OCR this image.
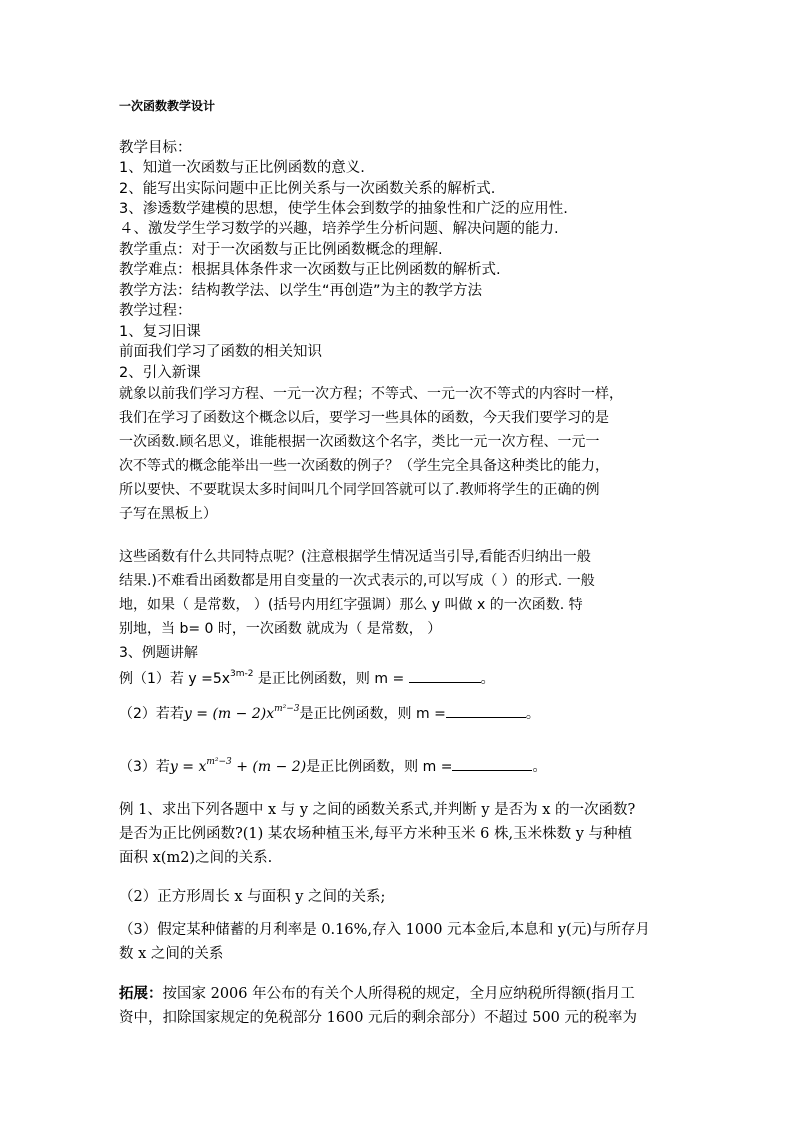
一次函数教学设计
教学目标：
1、知道一次函数与正比例函数的意义.
2、能写出实际问题中正比例关系与一次函数关系的解析式.
3、渗透数学建模的思想，使学生体会到数学的抽象性和广泛的应用性.
４、激发学生学习数学的兴趣，培养学生分析问题、解决问题的能力.
教学重点：对于一次函数与正比例函数概念的理解.
教学难点：根据具体条件求一次函数与正比例函数的解析式.
教学方法：结构教学法、以学生“再创造”为主的教学方法
教学过程：
1、复习旧课
前面我们学习了函数的相关知识
2、引入新课
就象以前我们学习方程、一元一次方程；不等式、一元一次不等式的内容时一样，
我们在学习了函数这个概念以后，要学习一些具体的函数，今天我们要学习的是
一次函数.顾名思义，谁能根据一次函数这个名字，类比一元一次方程、一元一
次不等式的概念能举出一些一次函数的例子？（学生完全具备这种类比的能力，
所以要快、不要耽误太多时间叫几个同学回答就可以了.教师将学生的正确的例
子写在黑板上）
这些函数有什么共同特点呢？(注意根据学生情况适当引导,看能否归纳出一般
结果.)不难看出函数都是用自变量的一次式表示的,可以写成（ ）的形式. 一般
地，如果（ 是常数， ）(括号内用红字强调）那么 y 叫做 x 的一次函数. 特
别地，当 b= 0 时，一次函数 就成为（ 是常数， ）
3、例题讲解
例（1）若 $y =5x^{3m-2}$ 是正比例函数，则 m =	。
（2）若若$y = (m - 2)x^{m^2-3}$是正比例函数，则 m =	。
（3）若$y = x^{m^2-3} + (m - 2)$是正比例函数，则 m =	。
例 1、求出下列各题中 x 与 y 之间的函数关系式,并判断 y 是否为 x 的一次函数?
是否为正比例函数?(1) 某农场种植玉米,每平方米种玉米 6 株,玉米株数 y 与种植
面积 x(m2)之间的关系.
（2）正方形周长 x 与面积 y 之间的关系;
（3）假定某种储蓄的月利率是 0.16%,存入 1000 元本金后,本息和 y(元)与所存月
数 x 之间的关系
拓展：按国家 2006 年公布的有关个人所得税的规定，全月应纳税所得额(指月工
资中，扣除国家规定的免税部分 1600 元后的剩余部分）不超过 500 元的税率为
